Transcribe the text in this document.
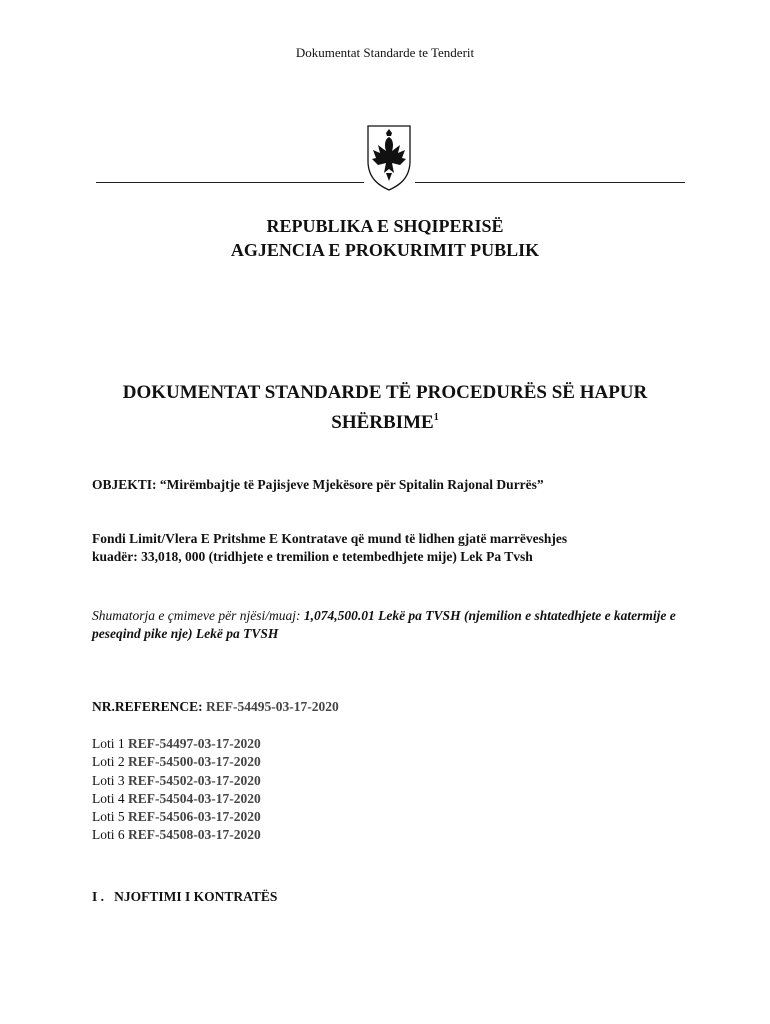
Dokumentat Standarde te Tenderit
REPUBLIKA E SHQIPERISË
AGJENCIA E PROKURIMIT PUBLIK
DOKUMENTAT STANDARDE TË PROCEDURËS SË HAPUR
SHËRBIME$^1$
OBJEKTI: “Mirëmbajtje të Pajisjeve Mjekësore për Spitalin Rajonal Durrës”
Fondi Limit/Vlera E Pritshme E Kontratave që mund të lidhen gjatë marrëveshjes
kuadër: 33,018, 000 (tridhjete e tremilion e tetembedhjete mije) Lek Pa Tvsh
Shumatorja e çmimeve për njësi/muaj: 1,074,500.01 Lekë pa TVSH (njemilion e shtatedhjete e katermije e peseqind pike nje) Lekë pa TVSH
NR.REFERENCE: REF-54495-03-17-2020
Loti 1 REF-54497-03-17-2020
Loti 2 REF-54500-03-17-2020
Loti 3 REF-54502-03-17-2020
Loti 4 REF-54504-03-17-2020
Loti 5 REF-54506-03-17-2020
Loti 6 REF-54508-03-17-2020
I . NJOFTIMI I KONTRATËS
